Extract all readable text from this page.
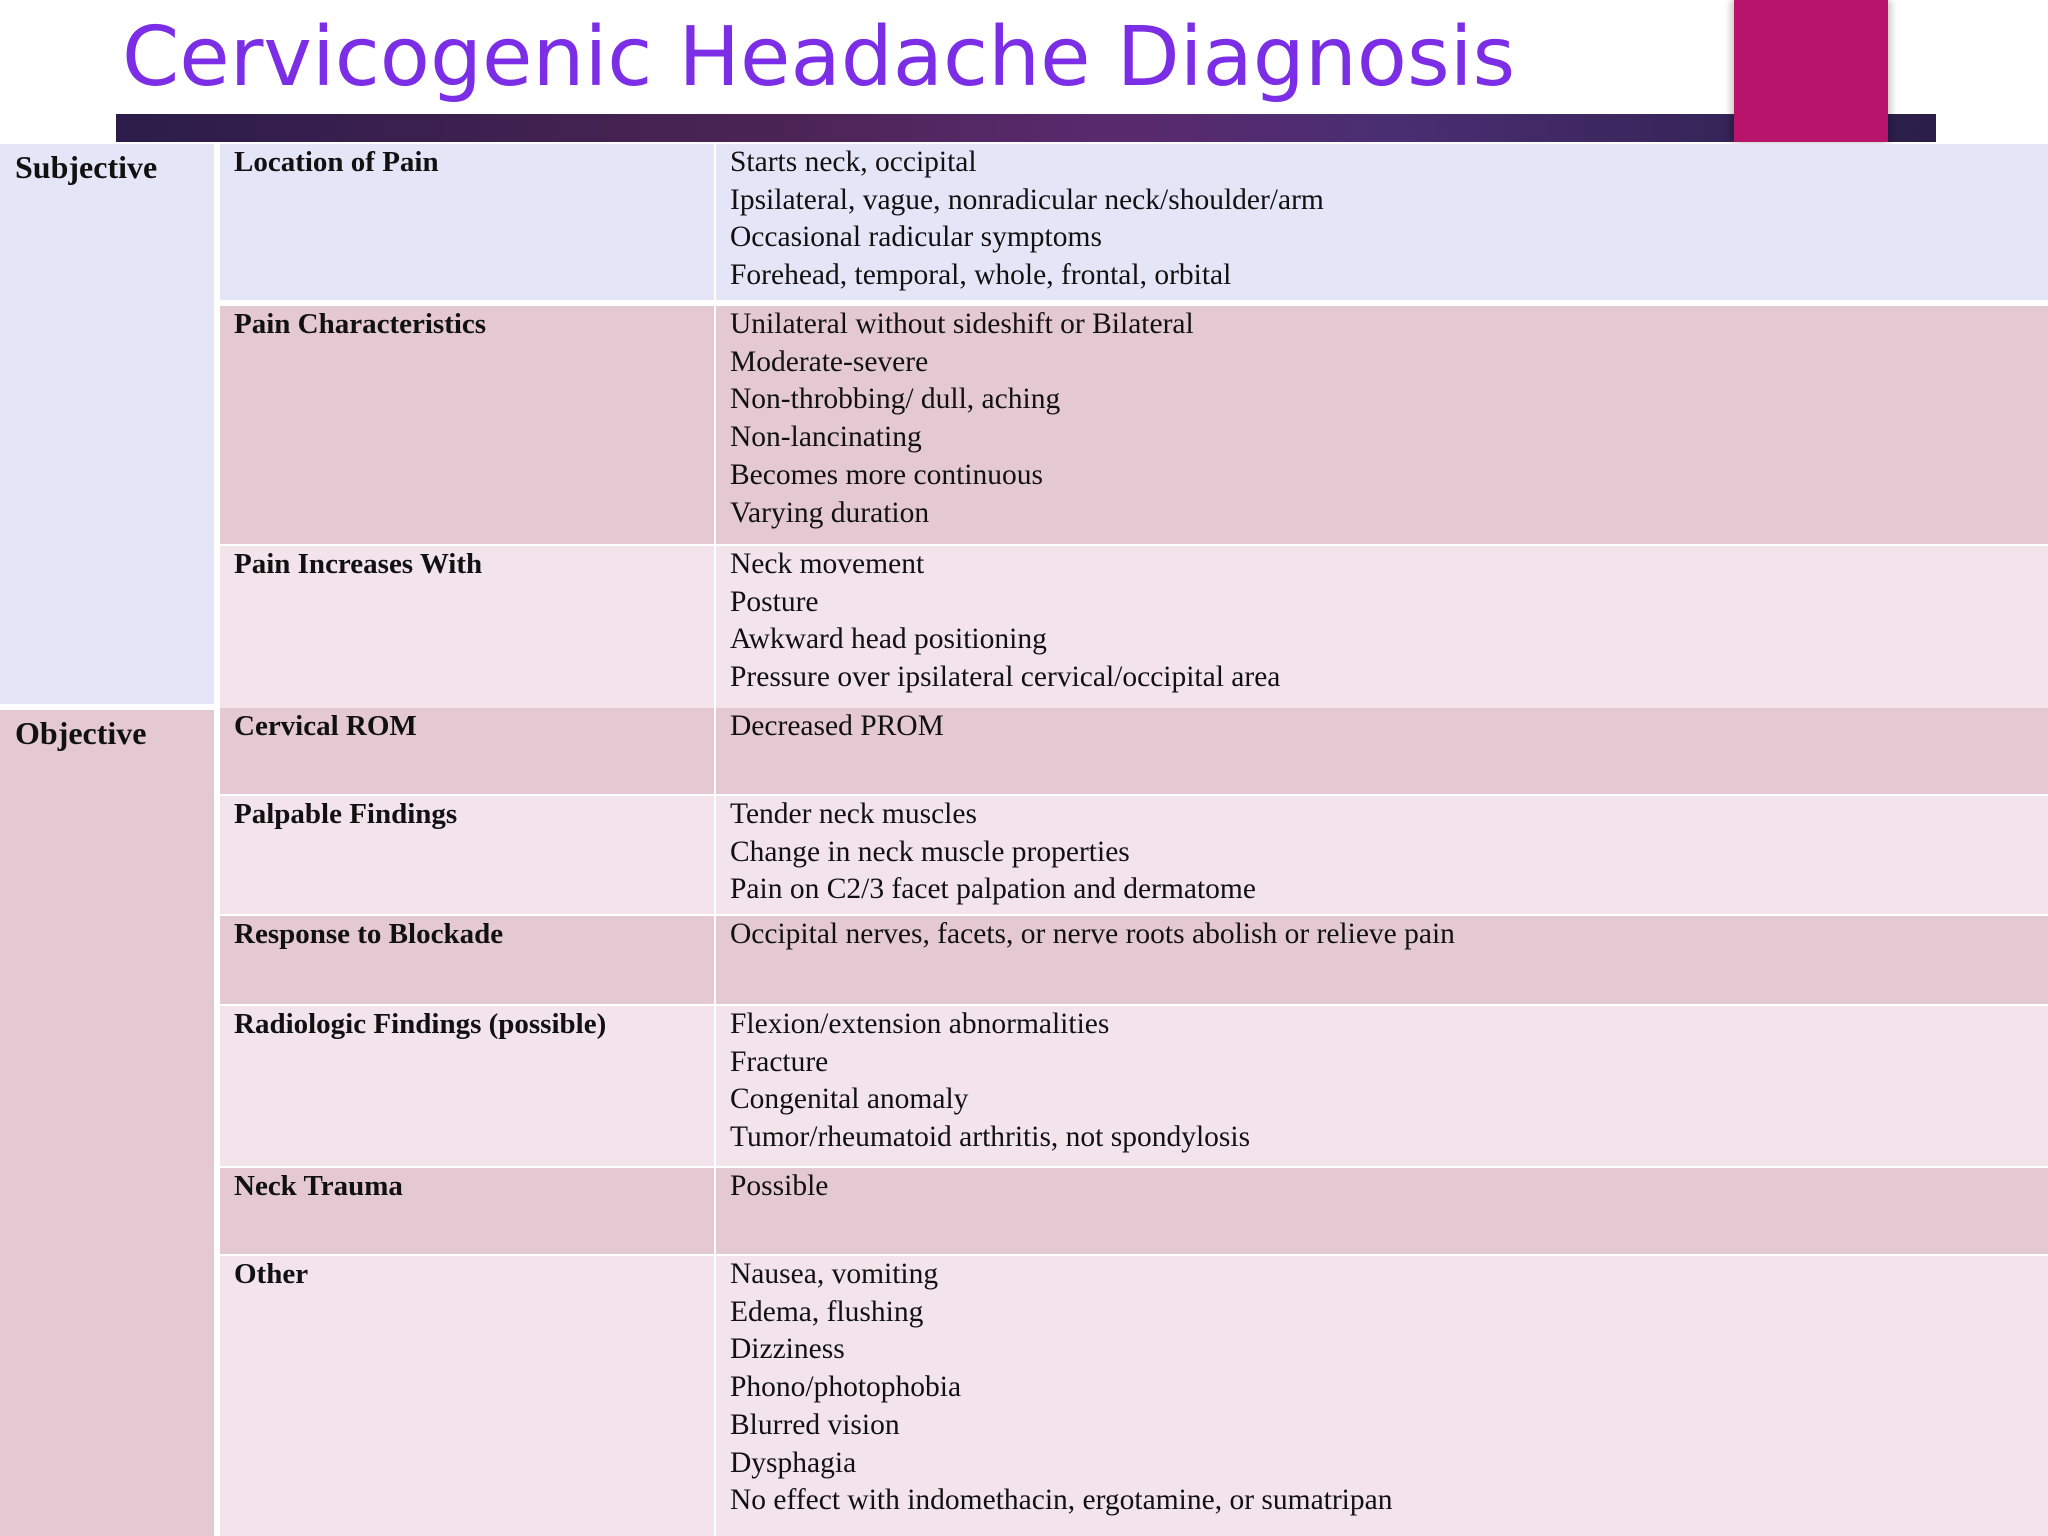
Cervicogenic Headache Diagnosis
Subjective	Location of Pain	Starts neck, occipital
Ipsilateral, vague, nonradicular neck/shoulder/arm
Occasional radicular symptoms
Forehead, temporal, whole, frontal, orbital
Pain Characteristics	Unilateral without sideshift or Bilateral
Moderate-severe
Non-throbbing/ dull, aching
Non-lancinating
Becomes more continuous
Varying duration
Pain Increases With	Neck movement
Posture
Awkward head positioning
Pressure over ipsilateral cervical/occipital area
Objective	Cervical ROM	Decreased PROM
Palpable Findings	Tender neck muscles
Change in neck muscle properties
Pain on C2/3 facet palpation and dermatome
Response to Blockade	Occipital nerves, facets, or nerve roots abolish or relieve pain
Radiologic Findings (possible)	Flexion/extension abnormalities
Fracture
Congenital anomaly
Tumor/rheumatoid arthritis, not spondylosis
Neck Trauma	Possible
Other	Nausea, vomiting
Edema, flushing
Dizziness
Phono/photophobia
Blurred vision
Dysphagia
No effect with indomethacin, ergotamine, or sumatripan
